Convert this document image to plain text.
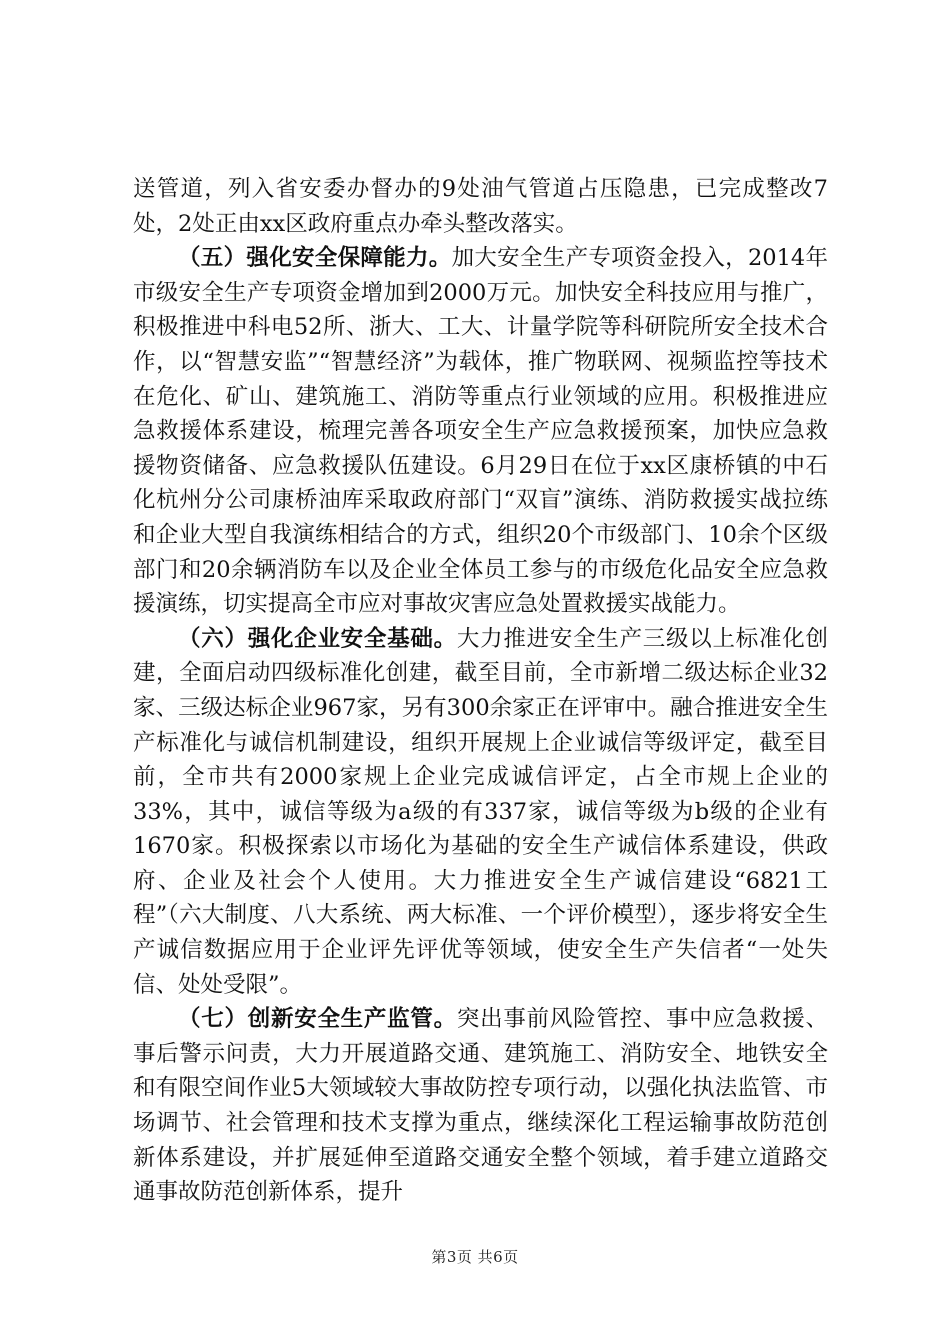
送管道，列入省安委办督办的9处油气管道占压隐患，已完成整改7处，2处正由xx区政府重点办牵头整改落实。

（五）强化安全保障能力。加大安全生产专项资金投入，2014年市级安全生产专项资金增加到2000万元。加快安全科技应用与推广，积极推进中科电52所、浙大、工大、计量学院等科研院所安全技术合作，以“智慧安监”“智慧经济”为载体，推广物联网、视频监控等技术在危化、矿山、建筑施工、消防等重点行业领域的应用。积极推进应急救援体系建设，梳理完善各项安全生产应急救援预案，加快应急救援物资储备、应急救援队伍建设。6月29日在位于xx区康桥镇的中石化杭州分公司康桥油库采取政府部门“双盲”演练、消防救援实战拉练和企业大型自我演练相结合的方式，组织20个市级部门、10余个区级部门和20余辆消防车以及企业全体员工参与的市级危化品安全应急救援演练，切实提高全市应对事故灾害应急处置救援实战能力。

（六）强化企业安全基础。大力推进安全生产三级以上标准化创建，全面启动四级标准化创建，截至目前，全市新增二级达标企业32家、三级达标企业967家，另有300余家正在评审中。融合推进安全生产标准化与诚信机制建设，组织开展规上企业诚信等级评定，截至目前，全市共有2000家规上企业完成诚信评定，占全市规上企业的33%，其中，诚信等级为a级的有337家，诚信等级为b级的企业有1670家。积极探索以市场化为基础的安全生产诚信体系建设，供政府、企业及社会个人使用。大力推进安全生产诚信建设“6821工程”（六大制度、八大系统、两大标准、一个评价模型），逐步将安全生产诚信数据应用于企业评先评优等领域，使安全生产失信者“一处失信、处处受限”。

（七）创新安全生产监管。突出事前风险管控、事中应急救援、事后警示问责，大力开展道路交通、建筑施工、消防安全、地铁安全和有限空间作业5大领域较大事故防控专项行动，以强化执法监管、市场调节、社会管理和技术支撑为重点，继续深化工程运输事故防范创新体系建设，并扩展延伸至道路交通安全整个领域，着手建立道路交通事故防范创新体系，提升

第3页 共6页
